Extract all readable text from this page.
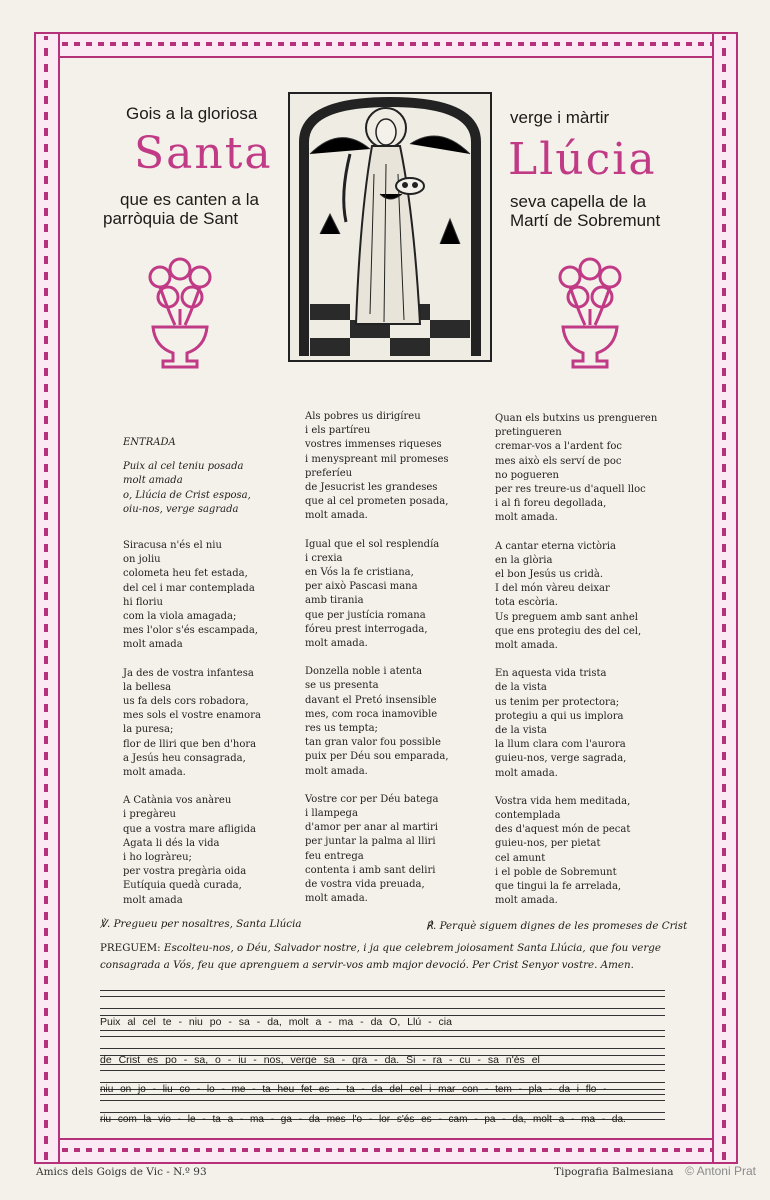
Gois a la gloriosa	verge i màrtir
Santa	Llúcia
que es canten a la	seva capella de la
parròquia de Sant	Martí de Sobremunt
ENTRADA
Puix al cel teniu posada
molt amada
o, Llúcia de Crist esposa,
oiu-nos, verge sagrada
Siracusa n'és el niu
on joliu
colometa heu fet estada,
del cel i mar contemplada
hi floriu
com la viola amagada;
mes l'olor s'és escampada,
molt amada
Ja des de vostra infantesa
la bellesa
us fa dels cors robadora,
mes sols el vostre enamora
la puresa;
flor de lliri que ben d'hora
a Jesús heu consagrada,
molt amada.
A Catània vos anàreu
i pregàreu
que a vostra mare afligida
Agata li dés la vida
i ho logràreu;
per vostra pregària oida
Eutíquia quedà curada,
molt amada
Als pobres us dirigíreu
i els partíreu
vostres immenses riqueses
i menyspreant mil promeses
preferíeu
de Jesucrist les grandeses
que al cel prometen posada,
molt amada.
Igual que el sol resplendía
i crexia
en Vós la fe cristiana,
per això Pascasi mana
amb tirania
que per justícia romana
fóreu prest interrogada,
molt amada.
Donzella noble i atenta
se us presenta
davant el Pretó insensible
mes, com roca inamovible
res us tempta;
tan gran valor fou possible
puix per Déu sou emparada,
molt amada.
Vostre cor per Déu batega
i llampega
d'amor per anar al martiri
per juntar la palma al lliri
feu entrega
contenta i amb sant deliri
de vostra vida preuada,
molt amada.
Quan els butxins us prengueren
pretingueren
cremar-vos a l'ardent foc
mes això els serví de poc
no pogueren
per res treure-us d'aquell lloc
i al fi foreu degollada,
molt amada.
A cantar eterna victòria
en la glòria
el bon Jesús us cridà.
I del món vàreu deixar
tota escòria.
Us preguem amb sant anhel
que ens protegiu des del cel,
molt amada.
En aquesta vida trista
de la vista
us tenim per protectora;
protegiu a qui us implora
de la vista
la llum clara com l'aurora
guieu-nos, verge sagrada,
molt amada.
Vostra vida hem meditada,
contemplada
des d'aquest món de pecat
guieu-nos, per pietat
cel amunt
i el poble de Sobremunt
que tingui la fe arrelada,
molt amada.
℣. Pregueu per nosaltres, Santa Llúcia	℟. Perquè siguem dignes de les promeses de Crist
PREGUEM: Escolteu-nos, o Déu, Salvador nostre, i ja que celebrem joiosament Santa Llúcia, que fou verge consagrada a Vós, feu que aprenguem a servir-vos amb major devoció. Per Crist Senyor vostre. Amen.
Puix al cel te - niu po - sa - da, molt a - ma - da O, Llú - cia
de Crist es po - sa, o - iu - nos, verge sa - gra - da. Si - ra - cu - sa n'és el
niu on jo - liu co - lo - me - ta heu fet es - ta - da del cel i mar con - tem - pla - da i flo -
riu com la vio - le - ta a - ma - ga - da mes l'o - lor s'és es - cam - pa - da, molt a - ma - da.
Amics dels Goigs de Vic - N.º 93	Tipografia Balmesiana © Antoni Prat
